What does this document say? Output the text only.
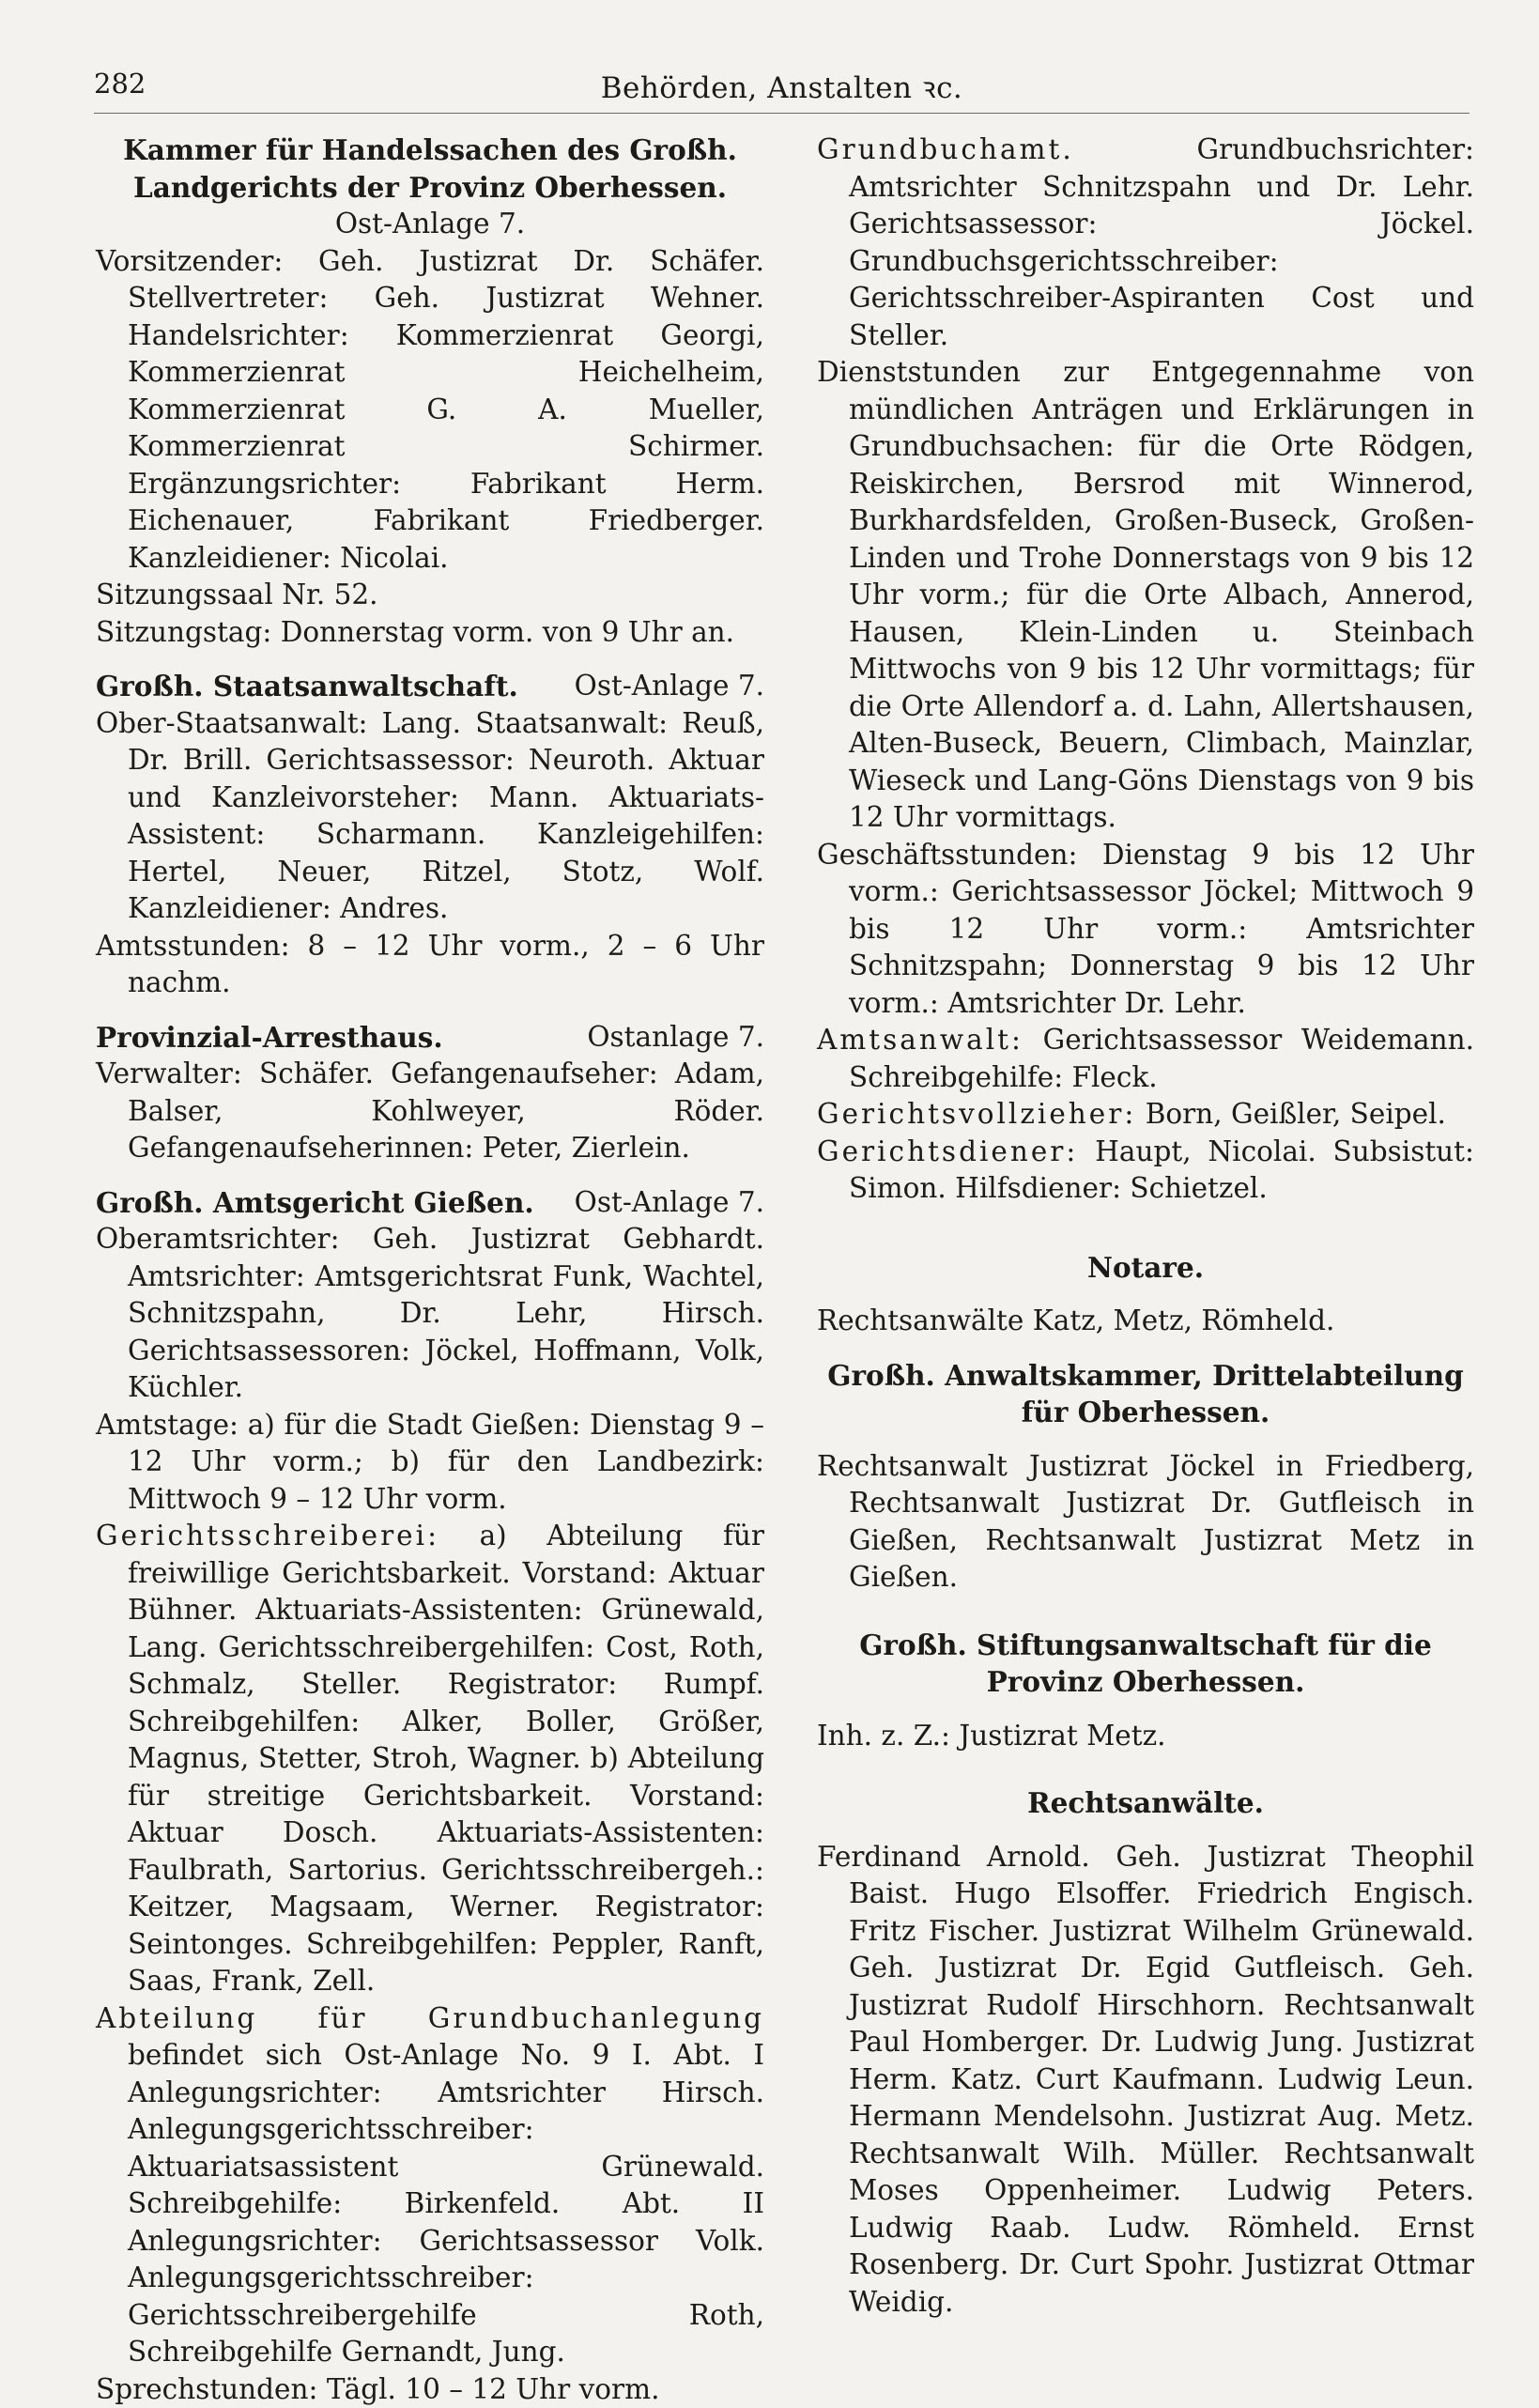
282	Behörden, Anstalten ꝛc.

Kammer für Handelssachen des Großh.

Landgerichts der Provinz Oberhessen.

Ost-Anlage 7.

Vorsitzender: Geh. Justizrat Dr. Schäfer. Stellvertreter: Geh. Justizrat Wehner. Handelsrichter: Kommerzienrat Georgi, Kommerzienrat Heichelheim, Kommerzienrat G. A. Mueller, Kommerzienrat Schirmer. Ergänzungsrichter: Fabrikant Herm. Eichenauer, Fabrikant Friedberger. Kanzleidiener: Nicolai.

Sitzungssaal Nr. 52.

Sitzungstag: Donnerstag vorm. von 9 Uhr an.

Großh. Staatsanwaltschaft. Ost-Anlage 7.

Ober-Staatsanwalt: Lang. Staatsanwalt: Reuß, Dr. Brill. Gerichtsassessor: Neuroth. Aktuar und Kanzleivorsteher: Mann. Aktuariats-Assistent: Scharmann. Kanzleigehilfen: Hertel, Neuer, Ritzel, Stotz, Wolf. Kanzleidiener: Andres.

Amtsstunden: 8 – 12 Uhr vorm., 2 – 6 Uhr nachm.

Provinzial-Arresthaus.	Ostanlage 7.

Verwalter: Schäfer. Gefangenaufseher: Adam, Balser, Kohlweyer, Röder. Gefangenaufseherinnen: Peter, Zierlein.

Großh. Amtsgericht Gießen. Ost-Anlage 7.

Oberamtsrichter: Geh. Justizrat Gebhardt. Amtsrichter: Amtsgerichtsrat Funk, Wachtel, Schnitzspahn, Dr. Lehr, Hirsch. Gerichtsassessoren: Jöckel, Hoffmann, Volk, Küchler.

Amtstage: a) für die Stadt Gießen: Dienstag 9 – 12 Uhr vorm.; b) für den Landbezirk: Mittwoch 9 – 12 Uhr vorm.

Gerichtsschreiberei: a) Abteilung für freiwillige Gerichtsbarkeit. Vorstand: Aktuar Bühner. Aktuariats-Assistenten: Grünewald, Lang. Gerichtsschreibergehilfen: Cost, Roth, Schmalz, Steller. Registrator: Rumpf. Schreibgehilfen: Alker, Boller, Größer, Magnus, Stetter, Stroh, Wagner. b) Abteilung für streitige Gerichtsbarkeit. Vorstand: Aktuar Dosch. Aktuariats-Assistenten: Faulbrath, Sartorius. Gerichtsschreibergeh.: Keitzer, Magsaam, Werner. Registrator: Seintonges. Schreibgehilfen: Peppler, Ranft, Saas, Frank, Zell.

Abteilung für Grundbuchanlegung befindet sich Ost-Anlage No. 9 I. Abt. I Anlegungsrichter: Amtsrichter Hirsch. Anlegungsgerichtsschreiber: Aktuariatsassistent Grünewald. Schreibgehilfe: Birkenfeld. Abt. II Anlegungsrichter: Gerichtsassessor Volk. Anlegungsgerichtsschreiber: Gerichtsschreibergehilfe Roth, Schreibgehilfe Gernandt, Jung.

Sprechstunden: Tägl. 10 – 12 Uhr vorm.

Grundbuchamt.	Grundbuchsrichter: Amtsrichter Schnitzspahn und Dr. Lehr. Gerichtsassessor: Jöckel. Grundbuchsgerichtsschreiber: Gerichtsschreiber-Aspiranten Cost und Steller.

Dienststunden zur Entgegennahme von mündlichen Anträgen und Erklärungen in Grundbuchsachen: für die Orte Rödgen, Reiskirchen, Bersrod mit Winnerod, Burkhardsfelden, Großen-Buseck, Großen-Linden und Trohe Donnerstags von 9 bis 12 Uhr vorm.; für die Orte Albach, Annerod, Hausen, Klein-Linden u. Steinbach Mittwochs von 9 bis 12 Uhr vormittags; für die Orte Allendorf a. d. Lahn, Allertshausen, Alten-Buseck, Beuern, Climbach, Mainzlar, Wieseck und Lang-Göns Dienstags von 9 bis 12 Uhr vormittags.

Geschäftsstunden: Dienstag 9 bis 12 Uhr vorm.: Gerichtsassessor Jöckel; Mittwoch 9 bis 12 Uhr vorm.: Amtsrichter Schnitzspahn; Donnerstag 9 bis 12 Uhr vorm.: Amtsrichter Dr. Lehr.

Amtsanwalt: Gerichtsassessor Weidemann. Schreibgehilfe: Fleck.

Gerichtsvollzieher: Born, Geißler, Seipel.

Gerichtsdiener: Haupt, Nicolai. Subsistut: Simon. Hilfsdiener: Schietzel.

Notare.

Rechtsanwälte Katz, Metz, Römheld.

Großh. Anwaltskammer, Drittelabteilung

für Oberhessen.

Rechtsanwalt Justizrat Jöckel in Friedberg, Rechtsanwalt Justizrat Dr. Gutfleisch in Gießen, Rechtsanwalt Justizrat Metz in Gießen.

Großh. Stiftungsanwaltschaft für die

Provinz Oberhessen.

Inh. z. Z.: Justizrat Metz.

Rechtsanwälte.

Ferdinand Arnold. Geh. Justizrat Theophil Baist. Hugo Elsoffer. Friedrich Engisch. Fritz Fischer. Justizrat Wilhelm Grünewald. Geh. Justizrat Dr. Egid Gutfleisch. Geh. Justizrat Rudolf Hirschhorn. Rechtsanwalt Paul Homberger. Dr. Ludwig Jung. Justizrat Herm. Katz. Curt Kaufmann. Ludwig Leun. Hermann Mendelsohn. Justizrat Aug. Metz. Rechtsanwalt Wilh. Müller. Rechtsanwalt Moses Oppenheimer. Ludwig Peters. Ludwig Raab. Ludw. Römheld. Ernst Rosenberg. Dr. Curt Spohr. Justizrat Ottmar Weidig.
